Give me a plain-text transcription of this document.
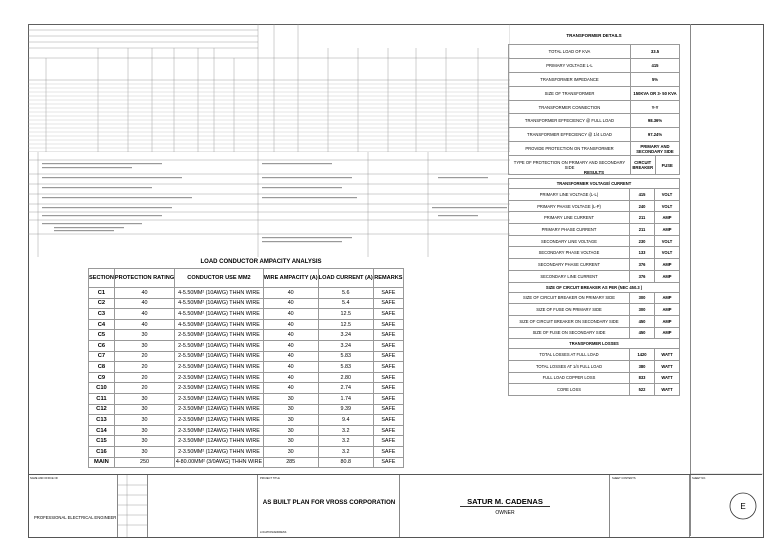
LOAD CONDUCTOR AMPACITY ANALYSIS
SECTION	PROTECTION RATING	CONDUCTOR USE MM2	WIRE AMPACITY (A)	LOAD CURRENT (A)	REMARKS
C1	40	4-5.50MM² (10AWG) THHN WIRE	40	5.6	SAFE
C2	40	4-5.50MM² (10AWG) THHN WIRE	40	5.4	SAFE
C3	40	4-5.50MM² (10AWG) THHN WIRE	40	12.5	SAFE
C4	40	4-5.50MM² (10AWG) THHN WIRE	40	12.5	SAFE
C5	30	2-5.50MM² (10AWG) THHN WIRE	40	3.24	SAFE
C6	30	2-5.50MM² (10AWG) THHN WIRE	40	3.24	SAFE
C7	20	2-5.50MM² (10AWG) THHN WIRE	40	5.83	SAFE
C8	20	2-5.50MM² (10AWG) THHN WIRE	40	5.83	SAFE
C9	20	2-3.50MM² (12AWG) THHN WIRE	40	2.80	SAFE
C10	20	2-3.50MM² (12AWG) THHN WIRE	40	2.74	SAFE
C11	30	2-3.50MM² (12AWG) THHN WIRE	30	1.74	SAFE
C12	30	2-3.50MM² (12AWG) THHN WIRE	30	9.39	SAFE
C13	30	2-3.50MM² (12AWG) THHN WIRE	30	9.4	SAFE
C14	30	2-3.50MM² (12AWG) THHN WIRE	30	3.2	SAFE
C15	30	2-3.50MM² (12AWG) THHN WIRE	30	3.2	SAFE
C16	30	2-3.50MM² (12AWG) THHN WIRE	30	3.2	SAFE
MAIN	250	4-80.00MM² (3/0AWG) THHN WIRE	285	80.8	SAFE
TRANSFORMER DETAILS
TOTAL LOAD OF KVA	33.5
PRIMARY VOLTAGE L-L	415
TRANSFORMER IMPEDANCE	5%
SIZE OF TRANSFORMER	150KVA OR 3- 50 KVA
TRANSFORMER CONNECTION	Y-Y
TRANSFORMER EFFECIENCY @ FULL LOAD	98.36%
TRANSFORMER EFFECIENCY @ 1/4 LOAD	97.24%
PROVIDE PROTECTION ON TRANSFORMER	PRIMARY AND SECONDARY SIDE
TYPE OF PROTECTION ON PRIMARY AND SECONDARY SIDE	CIRCUIT BREAKER FUSE
RESULTS
TRANSFORMER VOLTAGE/ CURRENT		
PRIMARY LINE VOLTAGE (L-L)	415	VOLT
PRIMARY PHASE VOLTAGE (L-P)	240	VOLT
PRIMARY LINE CURRENT	211	AMP
PRIMARY PHASE CURRENT	211	AMP
SECONDARY LINE VOLTAGE	230	VOLT
SECONDARY PHASE VOLTAGE	133	VOLT
SECONDARY PHASE CURRENT	376	AMP
SECONDARY LINE CURRENT	376	AMP
SIZE OF CIRCUIT BREAKER AS PER (NEC 450.3 )		
SIZE OF CIRCUIT BREAKER ON PRIMARY SIDE	300	AMP
SIZE OF FUSE ON PRIMARY SIDE	300	AMP
SIZE OF CIRCUIT BREAKER ON SECONDARY SIDE	450	AMP
SIZE OF FUSE ON SECONDARY SIDE	450	AMP
TRANSFORMER LOSSES		
TOTAL LOSSES AT FULL LOAD	1420	WATT
TOTAL LOSSES AT 1/4 FULL LOAD	380	WATT
FULL LOAD COPPER LOSS	833	WATT
CORE LOSS	522	WATT
NAME AND OFFICE OF
PROFESSIONAL ELECTRICAL ENGINEER
PROJECT TITLE
AS BUILT PLAN FOR VROSS CORPORATION
LOCATION/ADDRESS
SATUR M. CADENAS
OWNER
SHEET CONTENTS	SHEET NO.
E
